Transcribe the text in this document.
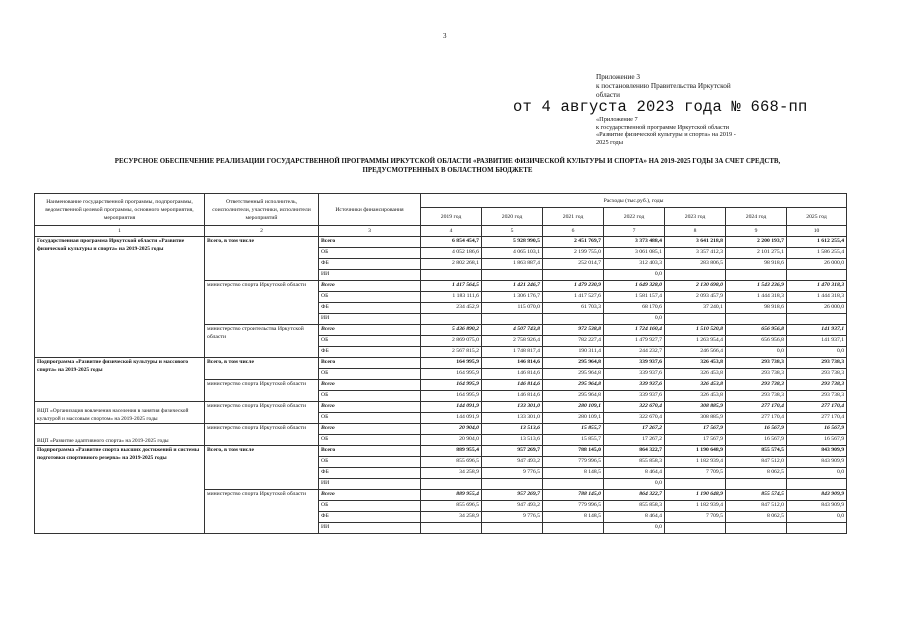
3
Приложение 3
к постановлению Правительства Иркутской
области
от 4 августа 2023 года № 668-пп
«Приложение 7
к государственной программе Иркутской области
«Развитие физической культуры и спорта» на 2019 -
2025 годы
РЕСУРСНОЕ ОБЕСПЕЧЕНИЕ РЕАЛИЗАЦИИ ГОСУДАРСТВЕННОЙ ПРОГРАММЫ ИРКУТСКОЙ ОБЛАСТИ «РАЗВИТИЕ ФИЗИЧЕСКОЙ КУЛЬТУРЫ И СПОРТА» НА 2019-2025 ГОДЫ ЗА СЧЕТ СРЕДСТВ,
ПРЕДУСМОТРЕННЫХ В ОБЛАСТНОМ БЮДЖЕТЕ
Наименование государственной программы, подпрограммы, ведомственной целевой программы, основного мероприятия, мероприятия	Ответственный исполнитель, соисполнители, участники, исполнители мероприятий	Источники финансирования	Расходы (тыс.руб.), годы						
			2019 год	2020 год	2021 год	2022 год	2023 год	2024 год	2025 год
1	2	3	4	5	6	7	8	9	10
Государственная программа Иркутской области «Развитие физической культуры и спорта» на 2019-2025 годы	Всего, в том числе	Всего	6 854 454,7	5 928 990,5	2 451 769,7	3 373 488,4	3 641 218,8	2 200 193,7	1 612 255,4
		ОБ	4 052 186,6	4 065 103,1	2 199 755,0	3 061 085,1	3 357 412,3	2 101 275,1	1 586 255,4
		ФБ	2 802 268,1	1 863 887,4	252 014,7	312 403,3	283 806,5	98 918,6	26 000,0
		ИИ				0,0			
	министерство спорта Иркутской области	Всего	1 417 564,5	1 421 246,7	1 479 230,9	1 649 328,0	2 130 698,0	1 543 236,9	1 470 318,3
		ОБ	1 183 111,6	1 306 176,7	1 417 527,6	1 581 157,4	2 093 457,9	1 444 318,3	1 444 318,3
		ФБ	234 452,9	115 070,0	61 703,3	68 170,6	37 240,1	98 918,6	26 000,0
		ИИ				0,0			
	министерство строительства Иркутской области	Всего	5 436 890,2	4 507 743,8	972 538,8	1 724 160,4	1 510 520,8	656 956,8	141 937,1
		ОБ	2 869 075,0	2 758 926,4	782 227,4	1 479 927,7	1 263 954,4	656 956,8	141 937,1
		ФБ	2 567 815,2	1 748 817,4	190 311,4	244 232,7	246 566,4	0,0	0,0
Подпрограмма «Развитие физической культуры и массового спорта» на 2019-2025 годы	Всего, в том числе	Всего	164 995,9	146 814,6	295 964,8	339 937,6	326 453,8	293 738,3	293 738,3
		ОБ	164 995,9	146 814,6	295 964,8	339 937,6	326 453,8	293 738,3	293 738,3
	министерство спорта Иркутской области	Всего	164 995,9	146 814,6	295 964,8	339 937,6	326 453,8	293 738,3	293 738,3
		ОБ	164 995,9	146 814,6	295 964,8	339 937,6	326 453,8	293 738,3	293 738,3
ВЦП «Организация вовлечения населения в занятия физической культурой и массовым спортом» на 2019-2025 годы	министерство спорта Иркутской области	Всего	144 091,9	133 301,0	280 109,1	322 670,4	308 885,9	277 170,4	277 170,4
		ОБ	144 091,9	133 301,0	280 109,1	322 670,4	308 885,9	277 170,4	277 170,4
ВЦП «Развитие адаптивного спорта» на 2019-2025 годы	министерство спорта Иркутской области	Всего	20 904,0	13 513,6	15 855,7	17 267,2	17 567,9	16 567,9	16 567,9
		ОБ	20 904,0	13 513,6	15 855,7	17 267,2	17 567,9	16 567,9	16 567,9
Подпрограмма «Развитие спорта высших достижений и системы подготовки спортивного резерва» на 2019-2025 годы	Всего, в том числе	Всего	889 955,4	957 269,7	788 145,0	864 322,7	1 190 648,9	855 574,5	843 909,9
		ОБ	855 696,5	947 493,2	779 996,5	855 858,3	1 182 939,4	847 512,0	843 909,9
		ФБ	34 258,9	9 776,5	8 148,5	8 464,4	7 709,5	8 062,5	0,0
		ИИ				0,0			
	министерство спорта Иркутской области	Всего	889 955,4	957 269,7	788 145,0	864 322,7	1 190 648,9	855 574,5	843 909,9
		ОБ	855 696,5	947 493,2	779 996,5	855 858,3	1 182 939,4	847 512,0	843 909,9
		ФБ	34 258,9	9 776,5	8 148,5	8 464,4	7 709,5	8 062,5	0,0
		ИИ				0,0			
